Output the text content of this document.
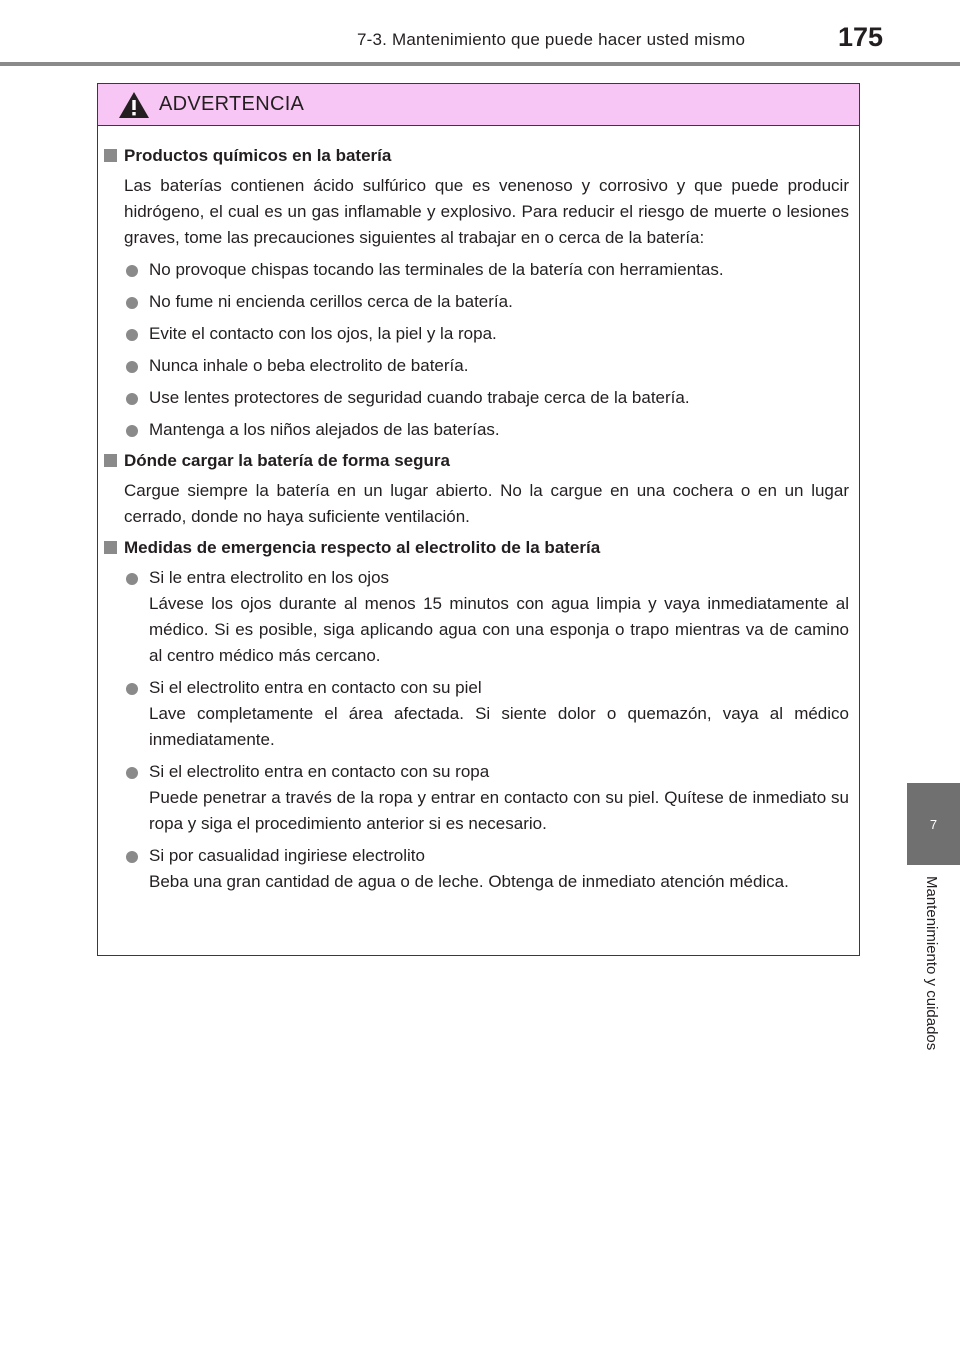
7-3. Mantenimiento que puede hacer usted mismo	175
7
Mantenimiento y cuidados
ADVERTENCIA
Productos químicos en la batería
Las baterías contienen ácido sulfúrico que es venenoso y corrosivo y que puede producir hidrógeno, el cual es un gas inflamable y explosivo. Para reducir el riesgo de muerte o lesiones graves, tome las precauciones siguientes al trabajar en o cerca de la batería:
No provoque chispas tocando las terminales de la batería con herramientas.
No fume ni encienda cerillos cerca de la batería.
Evite el contacto con los ojos, la piel y la ropa.
Nunca inhale o beba electrolito de batería.
Use lentes protectores de seguridad cuando trabaje cerca de la batería.
Mantenga a los niños alejados de las baterías.
Dónde cargar la batería de forma segura
Cargue siempre la batería en un lugar abierto. No la cargue en una cochera o en un lugar cerrado, donde no haya suficiente ventilación.
Medidas de emergencia respecto al electrolito de la batería
Si le entra electrolito en los ojos
Lávese los ojos durante al menos 15 minutos con agua limpia y vaya inmediatamente al médico. Si es posible, siga aplicando agua con una esponja o trapo mientras va de camino al centro médico más cercano.
Si el electrolito entra en contacto con su piel
Lave completamente el área afectada. Si siente dolor o quemazón, vaya al médico inmediatamente.
Si el electrolito entra en contacto con su ropa
Puede penetrar a través de la ropa y entrar en contacto con su piel. Quítese de inmediato su ropa y siga el procedimiento anterior si es necesario.
Si por casualidad ingiriese electrolito
Beba una gran cantidad de agua o de leche. Obtenga de inmediato atención médica.
